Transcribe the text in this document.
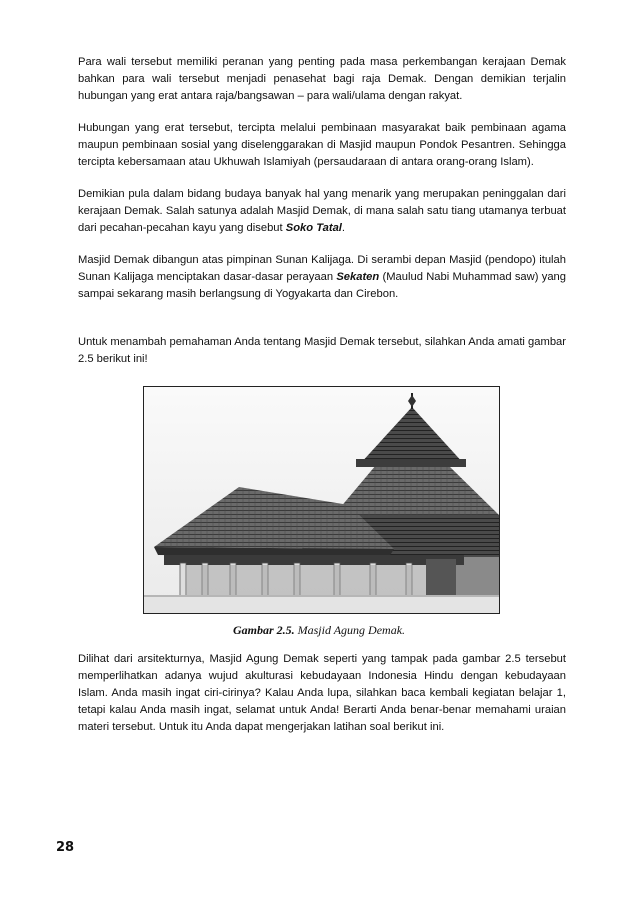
Para wali tersebut memiliki peranan yang penting pada masa perkembangan kerajaan Demak bahkan para wali tersebut menjadi penasehat bagi raja Demak. Dengan demikian terjalin hubungan yang erat antara raja/bangsawan – para wali/ulama dengan rakyat.

Hubungan yang erat tersebut, tercipta melalui pembinaan masyarakat baik pembinaan agama maupun pembinaan sosial yang diselenggarakan di Masjid maupun Pondok Pesantren. Sehingga tercipta kebersamaan atau Ukhuwah Islamiyah (persaudaraan di antara orang-orang Islam).

Demikian pula dalam bidang budaya banyak hal yang menarik yang merupakan peninggalan dari kerajaan Demak. Salah satunya adalah Masjid Demak, di mana salah satu tiang utamanya terbuat dari pecahan-pecahan kayu yang disebut Soko Tatal.

Masjid Demak dibangun atas pimpinan Sunan Kalijaga. Di serambi depan Masjid (pendopo) itulah Sunan Kalijaga menciptakan dasar-dasar perayaan Sekaten (Maulud Nabi Muhammad saw) yang sampai sekarang masih berlangsung di Yogyakarta dan Cirebon.

Untuk menambah pemahaman Anda tentang Masjid Demak tersebut, silahkan Anda amati gambar 2.5 berikut ini!

Gambar 2.5. Masjid Agung Demak.

Dilihat dari arsitekturnya, Masjid Agung Demak seperti yang tampak pada gambar 2.5 tersebut memperlihatkan adanya wujud akulturasi kebudayaan Indonesia Hindu dengan kebudayaan Islam. Anda masih ingat ciri-cirinya? Kalau Anda lupa, silahkan baca kembali kegiatan belajar 1, tetapi kalau Anda masih ingat, selamat untuk Anda! Berarti Anda benar-benar memahami uraian materi tersebut. Untuk itu Anda dapat mengerjakan latihan soal berikut ini.

28
